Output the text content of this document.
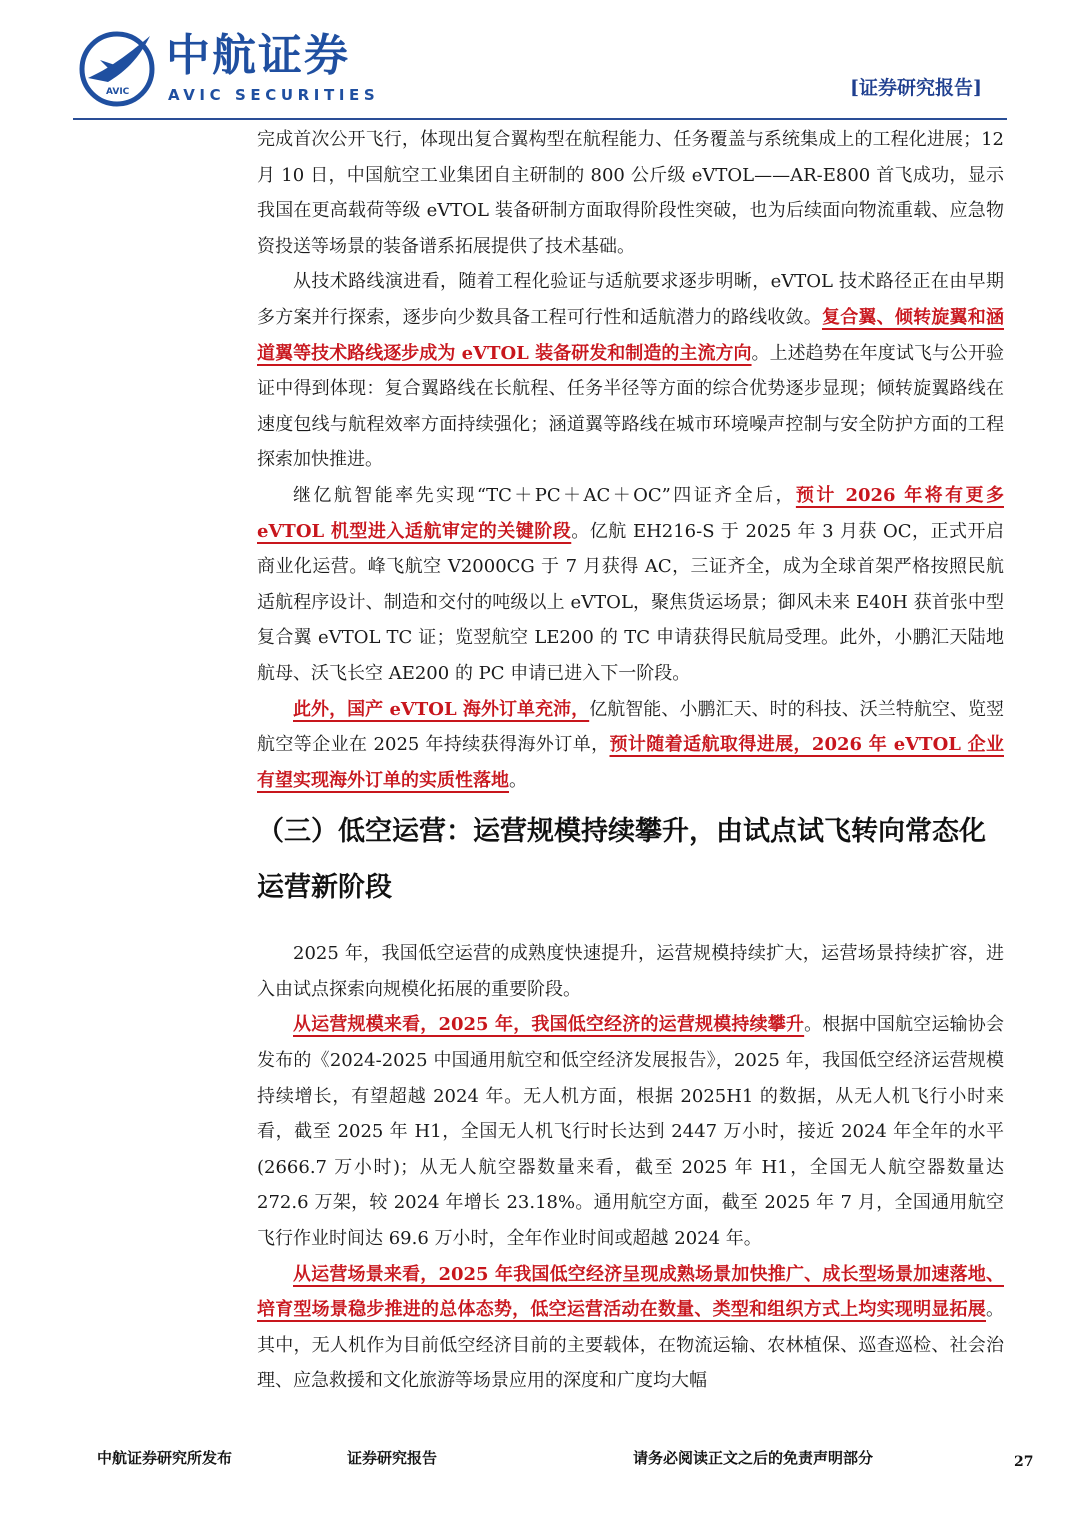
AVIC
中航证券
AVIC SECURITIES	[证券研究报告]

完成首次公开飞行，体现出复合翼构型在航程能力、任务覆盖与系统集成上的工程化进展；12 月 10 日，中国航空工业集团自主研制的 800 公斤级 eVTOL——AR-E800 首飞成功，显示我国在更高载荷等级 eVTOL 装备研制方面取得阶段性突破，也为后续面向物流重载、应急物资投送等场景的装备谱系拓展提供了技术基础。

从技术路线演进看，随着工程化验证与适航要求逐步明晰，eVTOL 技术路径正在由早期多方案并行探索，逐步向少数具备工程可行性和适航潜力的路线收敛。复合翼、倾转旋翼和涵道翼等技术路线逐步成为 eVTOL 装备研发和制造的主流方向。上述趋势在年度试飞与公开验证中得到体现：复合翼路线在长航程、任务半径等方面的综合优势逐步显现；倾转旋翼路线在速度包线与航程效率方面持续强化；涵道翼等路线在城市环境噪声控制与安全防护方面的工程探索加快推进。

继亿航智能率先实现“TC＋PC＋AC＋OC”四证齐全后，预计 2026 年将有更多 eVTOL 机型进入适航审定的关键阶段。亿航 EH216-S 于 2025 年 3 月获 OC，正式开启商业化运营。峰飞航空 V2000CG 于 7 月获得 AC，三证齐全，成为全球首架严格按照民航适航程序设计、制造和交付的吨级以上 eVTOL，聚焦货运场景；御风未来 E40H 获首张中型复合翼 eVTOL TC 证；览翌航空 LE200 的 TC 申请获得民航局受理。此外，小鹏汇天陆地航母、沃飞长空 AE200 的 PC 申请已进入下一阶段。

此外，国产 eVTOL 海外订单充沛，亿航智能、小鹏汇天、时的科技、沃兰特航空、览翌航空等企业在 2025 年持续获得海外订单，预计随着适航取得进展，2026 年 eVTOL 企业有望实现海外订单的实质性落地。

（三）低空运营：运营规模持续攀升，由试点试飞转向常态化运营新阶段

2025 年，我国低空运营的成熟度快速提升，运营规模持续扩大，运营场景持续扩容，进入由试点探索向规模化拓展的重要阶段。

从运营规模来看，2025 年，我国低空经济的运营规模持续攀升。根据中国航空运输协会发布的《2024-2025 中国通用航空和低空经济发展报告》，2025 年，我国低空经济运营规模持续增长，有望超越 2024 年。无人机方面，根据 2025H1 的数据，从无人机飞行小时来看，截至 2025 年 H1，全国无人机飞行时长达到 2447 万小时，接近 2024 年全年的水平(2666.7 万小时)；从无人航空器数量来看，截至 2025 年 H1，全国无人航空器数量达 272.6 万架，较 2024 年增长 23.18%。通用航空方面，截至 2025 年 7 月，全国通用航空飞行作业时间达 69.6 万小时，全年作业时间或超越 2024 年。

从运营场景来看，2025 年我国低空经济呈现成熟场景加快推广、成长型场景加速落地、培育型场景稳步推进的总体态势，低空运营活动在数量、类型和组织方式上均实现明显拓展。其中，无人机作为目前低空经济目前的主要载体，在物流运输、农林植保、巡查巡检、社会治理、应急救援和文化旅游等场景应用的深度和广度均大幅

中航证券研究所发布	证券研究报告	请务必阅读正文之后的免责声明部分	27
